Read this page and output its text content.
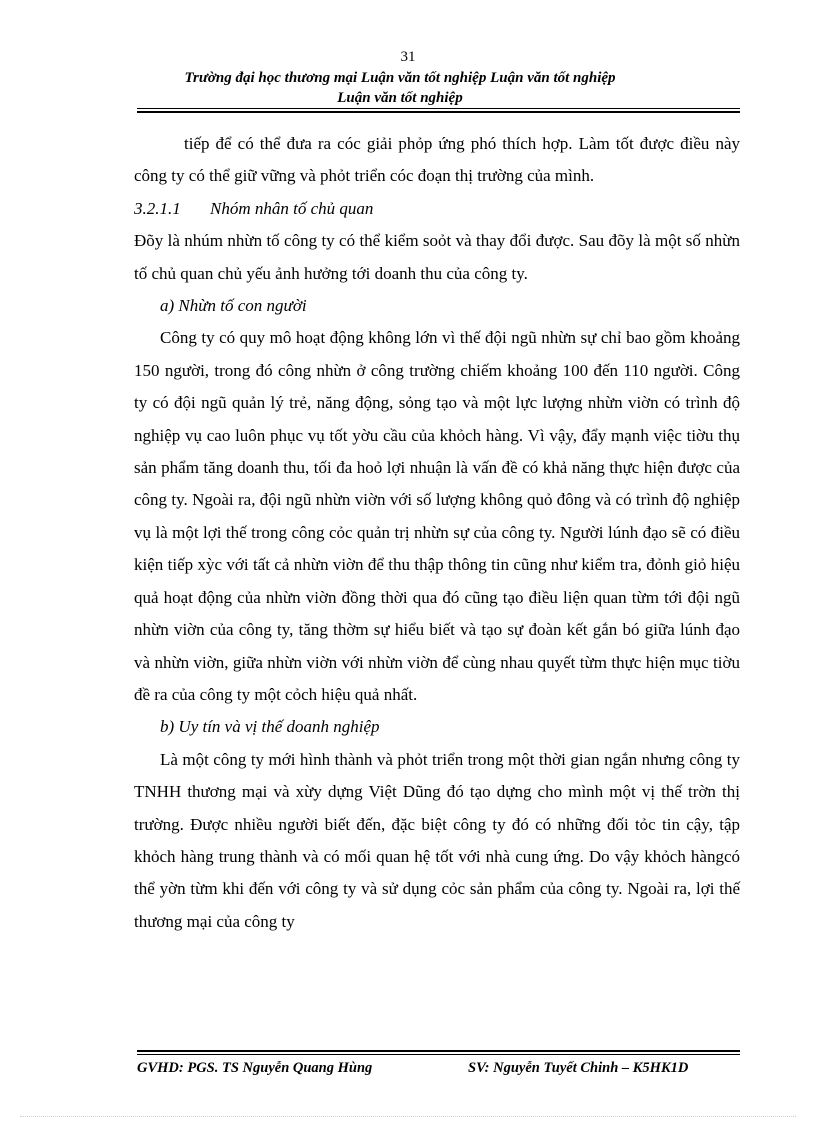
31
Trường đại học thương mại Luận văn tốt nghiệp Luận văn tốt nghiệp
Luận văn tốt nghiệp

tiếp để có thể đưa ra cóc giải phỏp ứng phó thích hợp. Làm tốt được điều này công ty có thể giữ vững và phỏt triển cóc đoạn thị trường của mình.

3.2.1.1 Nhóm nhân tố chủ quan

Đõy là nhúm nhừn tố công ty có thể kiểm soỏt và thay đổi được. Sau đõy là một số nhừn tố chủ quan chủ yếu ảnh hưởng tới doanh thu của công ty.

a) Nhừn tố con người

Công ty có quy mô hoạt động không lớn vì thế đội ngũ nhừn sự chỉ bao gồm khoảng 150 người, trong đó công nhừn ở công trường chiếm khoảng 100 đến 110 người. Công ty có đội ngũ quản lý trẻ, năng động, sỏng tạo và một lực lượng nhừn viờn có trình độ nghiệp vụ cao luôn phục vụ tốt yờu cầu của khỏch hàng. Vì vậy, đẩy mạnh việc tiờu thụ sản phẩm tăng doanh thu, tối đa hoỏ lợi nhuận là vấn đề có khả năng thực hiện được của công ty. Ngoài ra, đội ngũ nhừn viờn với số lượng không quỏ đông và có trình độ nghiệp vụ là một lợi thế trong công cỏc quản trị nhừn sự của công ty. Người lúnh đạo sẽ có điều kiện tiếp xỳc với tất cả nhừn viờn để thu thập thông tin cũng như kiểm tra, đỏnh giỏ hiệu quả hoạt động của nhừn viờn đồng thời qua đó cũng tạo điều liện quan từm tới đội ngũ nhừn viờn của công ty, tăng thờm sự hiểu biết và tạo sự đoàn kết gắn bó giữa lúnh đạo và nhừn viờn, giữa nhừn viờn với nhừn viờn để cùng nhau quyết từm thực hiện mục tiờu đề ra của công ty một cỏch hiệu quả nhất.

b) Uy tín và vị thế doanh nghiệp

Là một công ty mới hình thành và phỏt triển trong một thời gian ngắn nhưng công ty TNHH thương mại và xừy dựng Việt Dũng đó tạo dựng cho mình một vị thế trờn thị trường. Được nhiều người biết đến, đặc biệt công ty đó có những đối tỏc tin cậy, tập khỏch hàng trung thành và có mối quan hệ tốt với nhà cung ứng. Do vậy khỏch hàngcó thể yờn từm khi đến với công ty và sử dụng cỏc sản phẩm của công ty. Ngoài ra, lợi thế thương mại của công ty

GVHD: PGS. TS Nguyễn Quang Hùng	SV: Nguyễn Tuyết Chinh – K5HK1D
